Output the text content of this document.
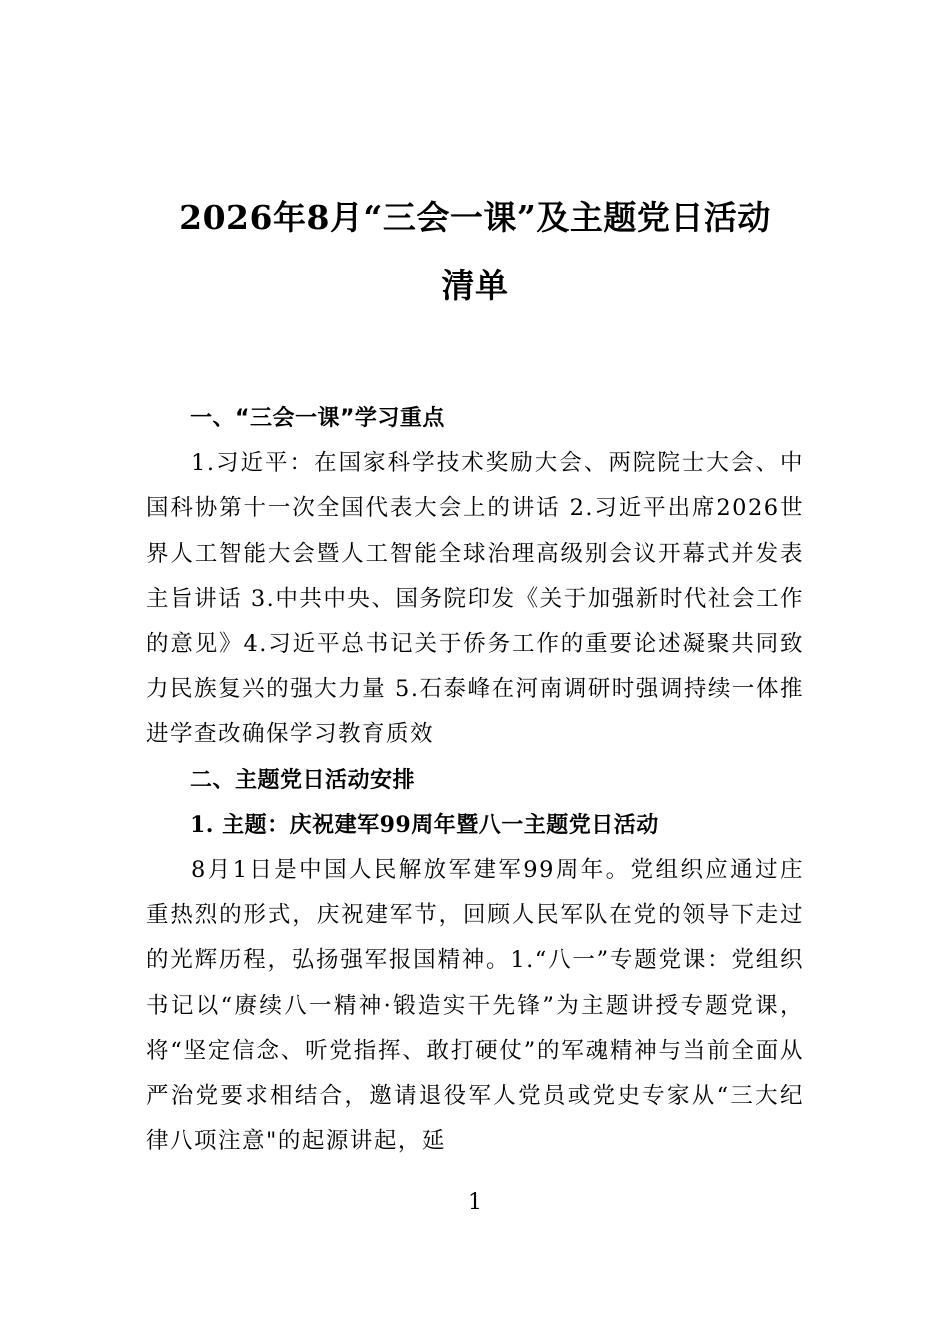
2026年8月“三会一课”及主题党日活动
清单

一、“三会一课”学习重点

1.习近平：在国家科学技术奖励大会、两院院士大会、中国科协第十一次全国代表大会上的讲话 2.习近平出席2026世界人工智能大会暨人工智能全球治理高级别会议开幕式并发表主旨讲话 3.中共中央、国务院印发《关于加强新时代社会工作的意见》4.习近平总书记关于侨务工作的重要论述凝聚共同致力民族复兴的强大力量 5.石泰峰在河南调研时强调持续一体推进学查改确保学习教育质效

二、主题党日活动安排

1. 主题：庆祝建军99周年暨八一主题党日活动

8月1日是中国人民解放军建军99周年。党组织应通过庄重热烈的形式，庆祝建军节，回顾人民军队在党的领导下走过的光辉历程，弘扬强军报国精神。1.“八一”专题党课：党组织书记以“赓续八一精神·锻造实干先锋”为主题讲授专题党课，将“坚定信念、听党指挥、敢打硬仗”的军魂精神与当前全面从严治党要求相结合，邀请退役军人党员或党史专家从“三大纪律八项注意"的起源讲起，延

1
